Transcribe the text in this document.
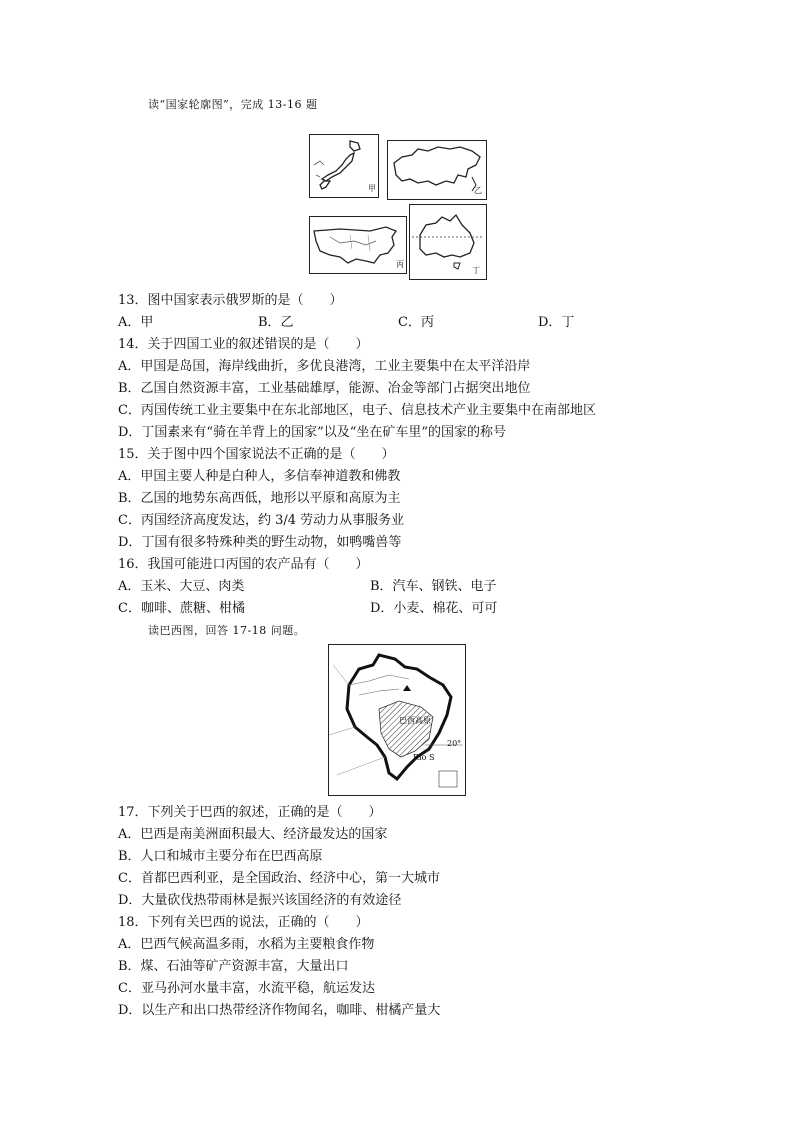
读“国家轮廓图”，完成 13-16 题
甲	乙
丙
丁
13．图中国家表示俄罗斯的是（　　）
A．甲	B．乙	C．丙	D．丁
14．关于四国工业的叙述错误的是（　　）
A．甲国是岛国，海岸线曲折，多优良港湾，工业主要集中在太平洋沿岸
B．乙国自然资源丰富，工业基础雄厚，能源、冶金等部门占据突出地位
C．丙国传统工业主要集中在东北部地区，电子、信息技术产业主要集中在南部地区
D．丁国素来有“骑在羊背上的国家”以及“坐在矿车里”的国家的称号
15．关于图中四个国家说法不正确的是（　　）
A．甲国主要人种是白种人，多信奉神道教和佛教
B．乙国的地势东高西低，地形以平原和高原为主
C．丙国经济高度发达，约 3/4 劳动力从事服务业
D．丁国有很多特殊种类的野生动物，如鸭嘴兽等
16．我国可能进口丙国的农产品有（　　）
A．玉米、大豆、肉类	B．汽车、钢铁、电子
C．咖啡、蔗糖、柑橘	D．小麦、棉花、可可
读巴西图，回答 17-18 问题。
巴西高原
Rio S
20°
17．下列关于巴西的叙述，正确的是（　　）
A．巴西是南美洲面积最大、经济最发达的国家
B．人口和城市主要分布在巴西高原
C．首都巴西利亚，是全国政治、经济中心，第一大城市
D．大量砍伐热带雨林是振兴该国经济的有效途径
18．下列有关巴西的说法，正确的（　　）
A．巴西气候高温多雨，水稻为主要粮食作物
B．煤、石油等矿产资源丰富，大量出口
C．亚马孙河水量丰富，水流平稳，航运发达
D．以生产和出口热带经济作物闻名，咖啡、柑橘产量大
